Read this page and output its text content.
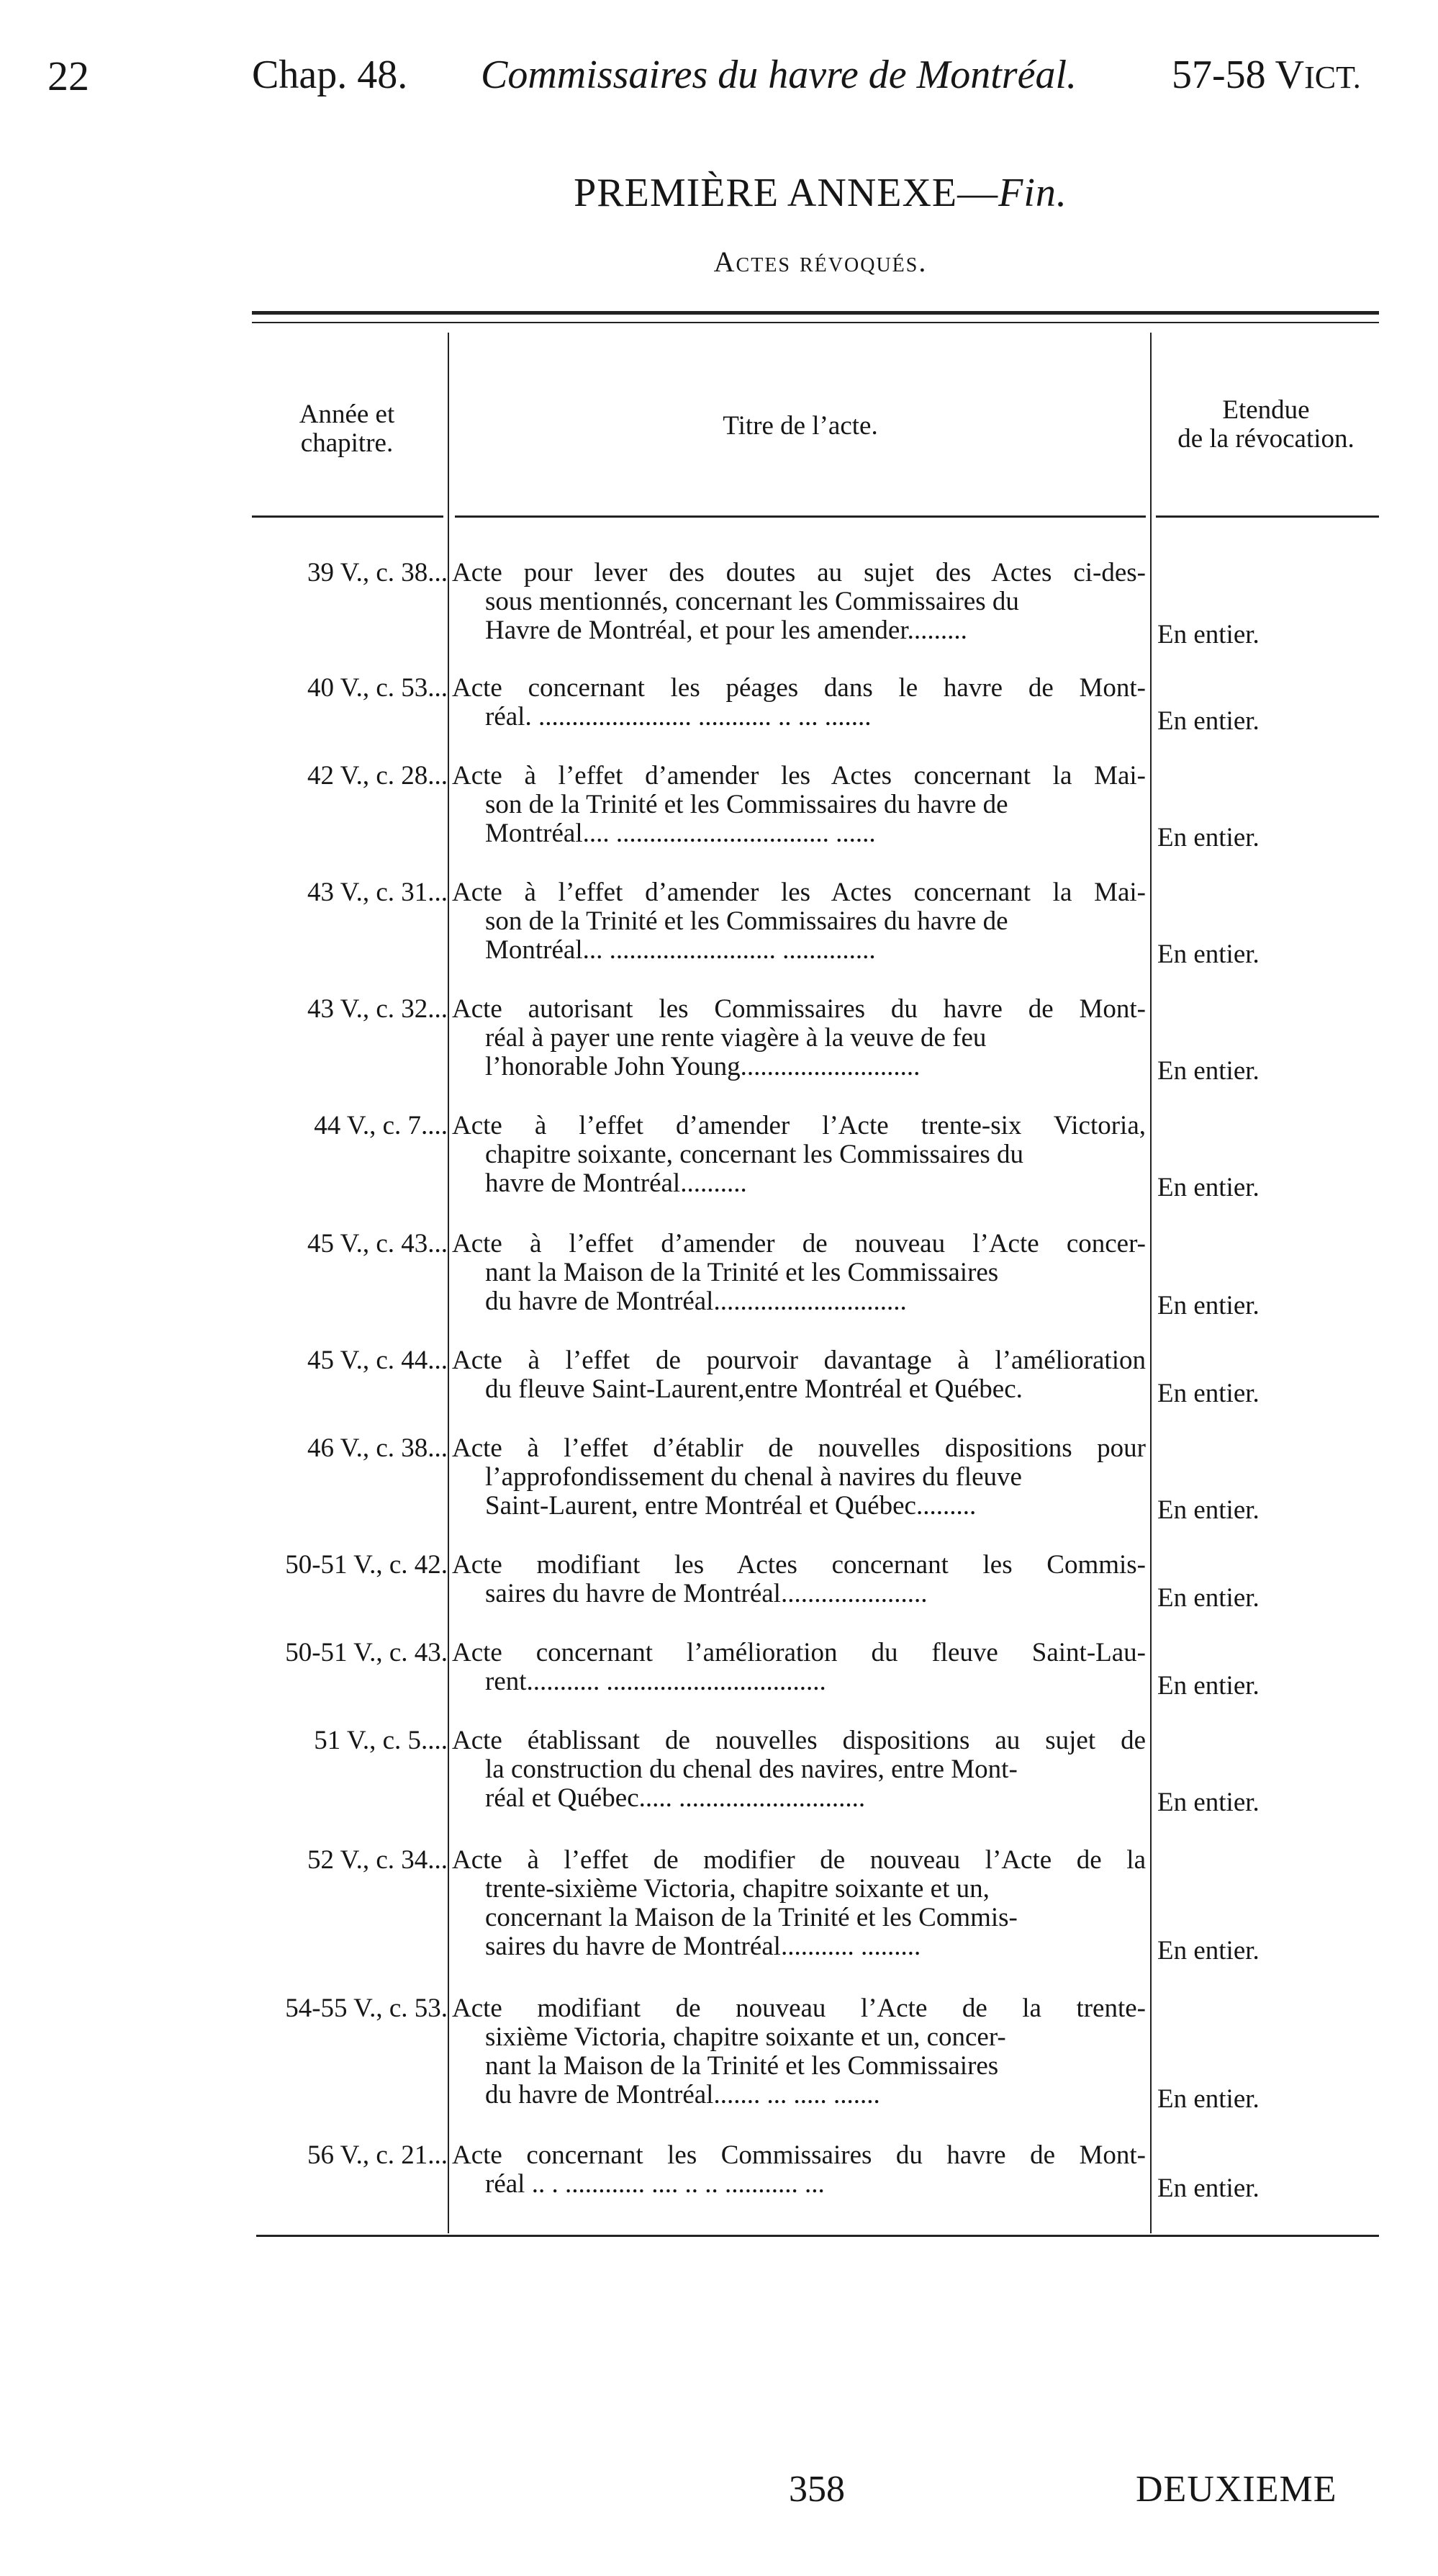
22	Chap. 48. Commissaires du havre de Montréal. 57-58 VICT.
PREMIÈRE ANNEXE—Fin.
Actes révoqués.
Année et
chapitre.
Titre de l’acte.
Etendue
de la révocation.
39 V., c. 38... Acte pour lever des doutes au sujet des Actes ci-des-
sous mentionnés, concernant les Commissaires du
Havre de Montréal, et pour les amender.........	En entier.
40 V., c. 53... Acte concernant les péages dans le havre de Mont-
réal. ....................... ........... .. ... .......	En entier.
42 V., c. 28... Acte à l’effet d’amender les Actes concernant la Mai-
son de la Trinité et les Commissaires du havre de
Montréal.... ................................ ......	En entier.
43 V., c. 31... Acte à l’effet d’amender les Actes concernant la Mai-
son de la Trinité et les Commissaires du havre de
Montréal... ......................... ..............	En entier.
43 V., c. 32... Acte autorisant les Commissaires du havre de Mont-
réal à payer une rente viagère à la veuve de feu
l’honorable John Young...........................	En entier.
44 V., c. 7.... Acte à l’effet d’amender l’Acte trente-six Victoria,
chapitre soixante, concernant les Commissaires du
havre de Montréal..........	En entier.
45 V., c. 43... Acte à l’effet d’amender de nouveau l’Acte concer-
nant la Maison de la Trinité et les Commissaires
du havre de Montréal.............................	En entier.
45 V., c. 44... Acte à l’effet de pourvoir davantage à l’amélioration
du fleuve Saint-Laurent,entre Montréal et Québec.	En entier.
46 V., c. 38... Acte à l’effet d’établir de nouvelles dispositions pour
l’approfondissement du chenal à navires du fleuve
Saint-Laurent, entre Montréal et Québec.........	En entier.
50-51 V., c. 42. Acte modifiant les Actes concernant les Commis-
saires du havre de Montréal......................	En entier.
50-51 V., c. 43. Acte concernant l’amélioration du fleuve Saint-Lau-
rent........... .................................	En entier.
51 V., c. 5.... Acte établissant de nouvelles dispositions au sujet de
la construction du chenal des navires, entre Mont-
réal et Québec..... ............................	En entier.
52 V., c. 34... Acte à l’effet de modifier de nouveau l’Acte de la
trente-sixième Victoria, chapitre soixante et un,
concernant la Maison de la Trinité et les Commis-
saires du havre de Montréal........... .........	En entier.
54-55 V., c. 53. Acte modifiant de nouveau l’Acte de la trente-
sixième Victoria, chapitre soixante et un, concer-
nant la Maison de la Trinité et les Commissaires
du havre de Montréal....... ... ..... .......	En entier.
56 V., c. 21... Acte concernant les Commissaires du havre de Mont-
réal .. . ............ .... .. .. ........... ...	En entier.
358	DEUXIEME
